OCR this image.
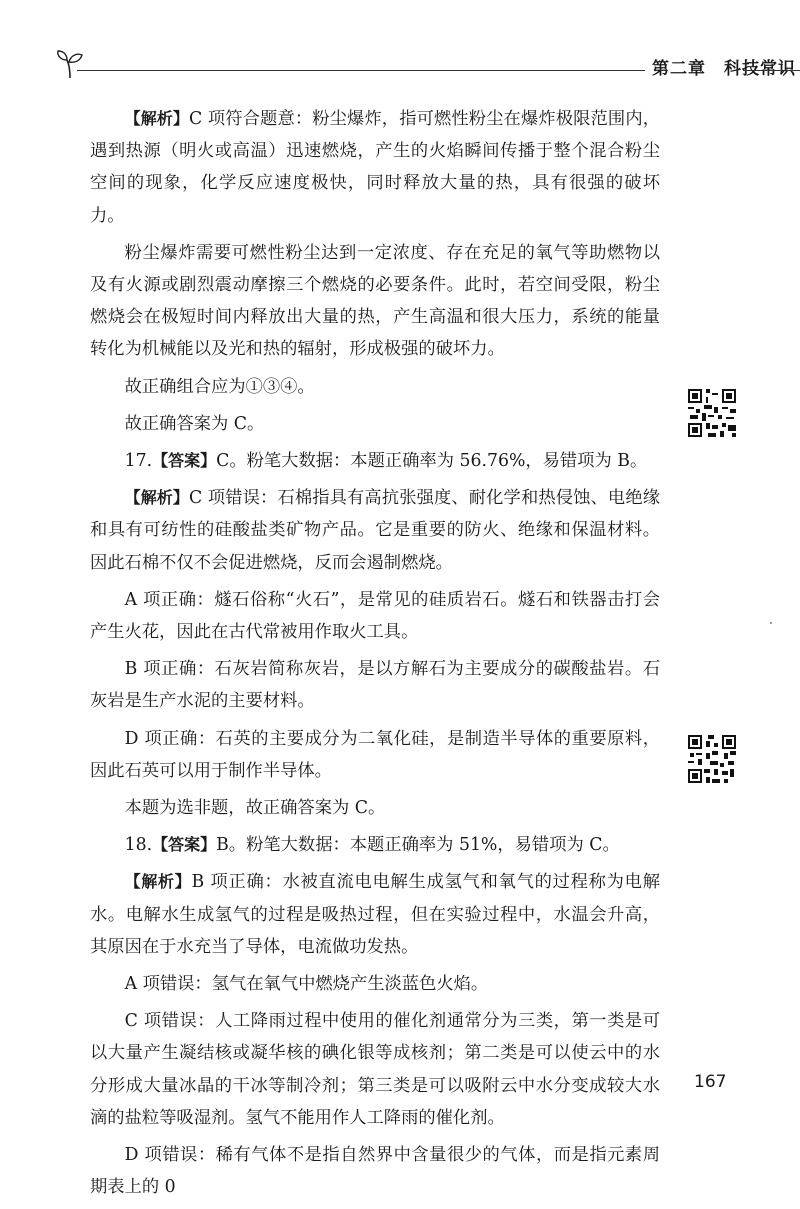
第二章 科技常识

【解析】C 项符合题意：粉尘爆炸，指可燃性粉尘在爆炸极限范围内，遇到热源（明火或高温）迅速燃烧，产生的火焰瞬间传播于整个混合粉尘空间的现象，化学反应速度极快，同时释放大量的热，具有很强的破坏力。

粉尘爆炸需要可燃性粉尘达到一定浓度、存在充足的氧气等助燃物以及有火源或剧烈震动摩擦三个燃烧的必要条件。此时，若空间受限，粉尘燃烧会在极短时间内释放出大量的热，产生高温和很大压力，系统的能量转化为机械能以及光和热的辐射，形成极强的破坏力。

故正确组合应为①③④。

故正确答案为 C。

17.【答案】C。粉笔大数据：本题正确率为 56.76%，易错项为 B。

【解析】C 项错误：石棉指具有高抗张强度、耐化学和热侵蚀、电绝缘和具有可纺性的硅酸盐类矿物产品。它是重要的防火、绝缘和保温材料。因此石棉不仅不会促进燃烧，反而会遏制燃烧。

A 项正确：燧石俗称“火石”，是常见的硅质岩石。燧石和铁器击打会产生火花，因此在古代常被用作取火工具。

B 项正确：石灰岩简称灰岩，是以方解石为主要成分的碳酸盐岩。石灰岩是生产水泥的主要材料。

D 项正确：石英的主要成分为二氧化硅，是制造半导体的重要原料，因此石英可以用于制作半导体。

本题为选非题，故正确答案为 C。

18.【答案】B。粉笔大数据：本题正确率为 51%，易错项为 C。

【解析】B 项正确：水被直流电电解生成氢气和氧气的过程称为电解水。电解水生成氢气的过程是吸热过程，但在实验过程中，水温会升高，其原因在于水充当了导体，电流做功发热。

A 项错误：氢气在氧气中燃烧产生淡蓝色火焰。

C 项错误：人工降雨过程中使用的催化剂通常分为三类，第一类是可以大量产生凝结核或凝华核的碘化银等成核剂；第二类是可以使云中的水分形成大量冰晶的干冰等制冷剂；第三类是可以吸附云中水分变成较大水滴的盐粒等吸湿剂。氢气不能用作人工降雨的催化剂。

D 项错误：稀有气体不是指自然界中含量很少的气体，而是指元素周期表上的 0

167
